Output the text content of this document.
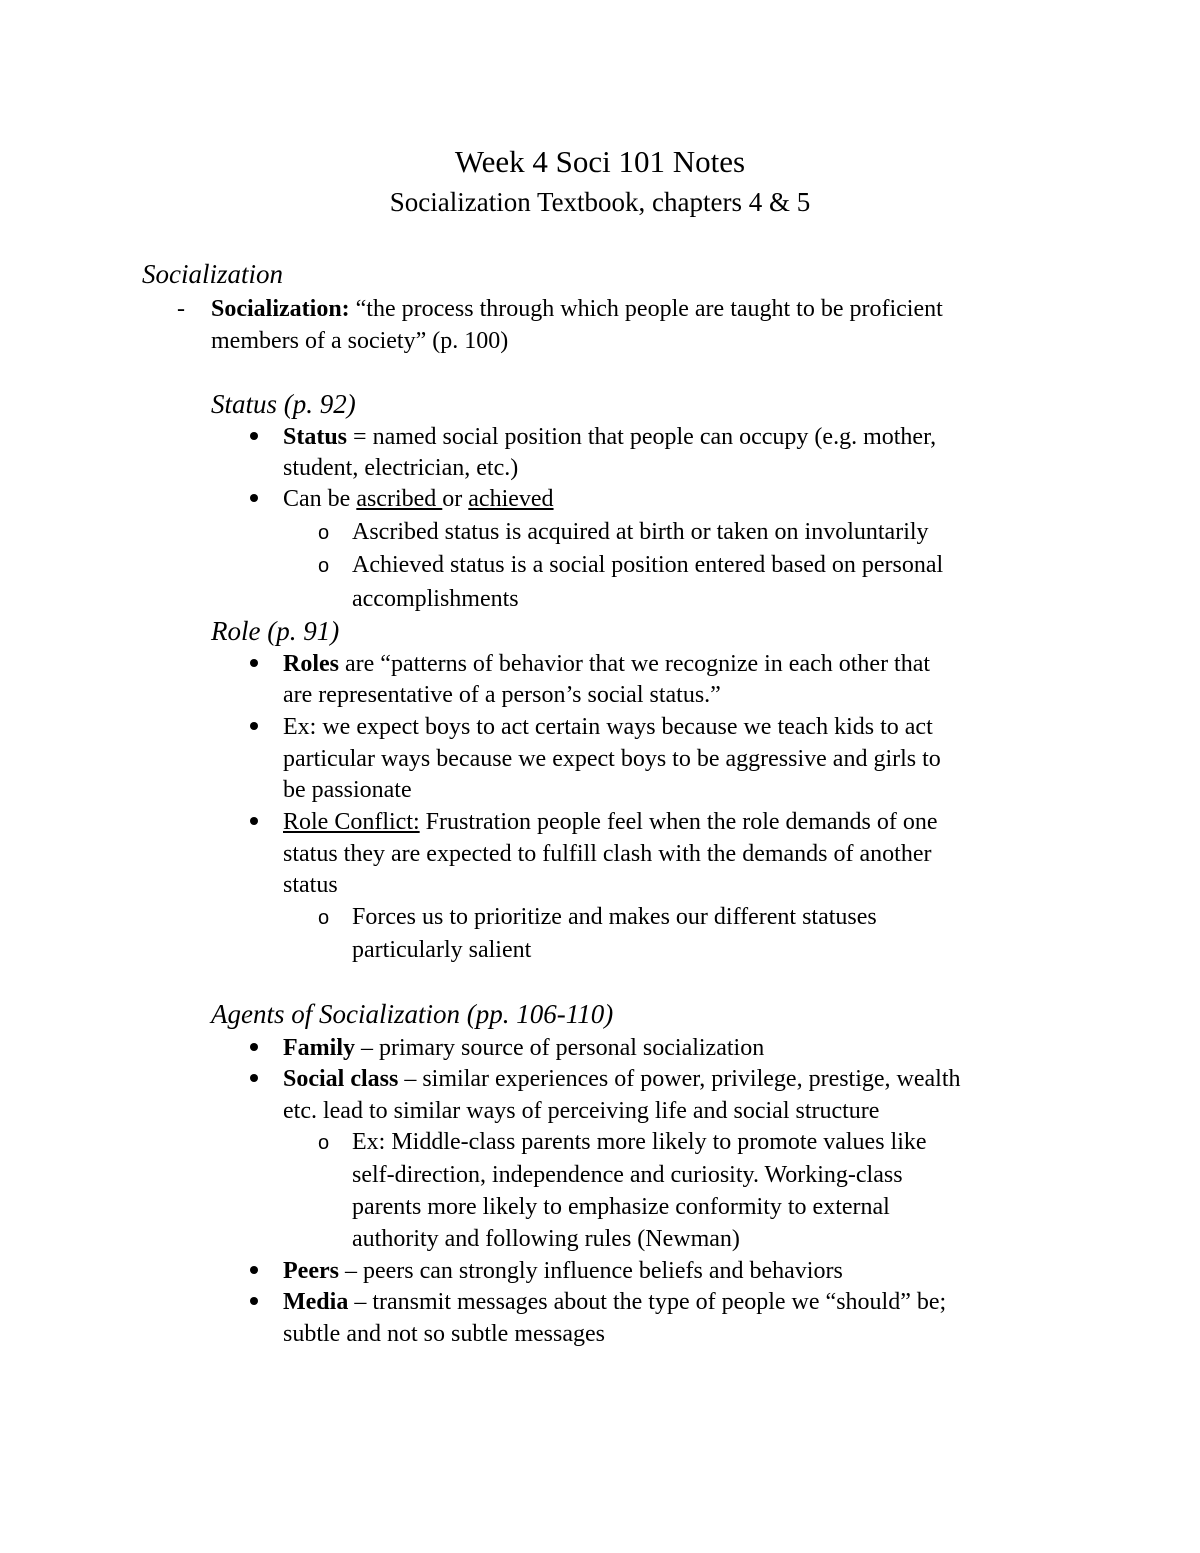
Week 4 Soci 101 Notes
Socialization Textbook, chapters 4 & 5
Socialization
- Socialization: “the process through which people are taught to be proficient
members of a society” (p. 100)
Status (p. 92)
Status = named social position that people can occupy (e.g. mother,
student, electrician, etc.)
Can be ascribed or achieved
o Ascribed status is acquired at birth or taken on involuntarily
o Achieved status is a social position entered based on personal
accomplishments
Role (p. 91)
Roles are “patterns of behavior that we recognize in each other that
are representative of a person’s social status.”
Ex: we expect boys to act certain ways because we teach kids to act
particular ways because we expect boys to be aggressive and girls to
be passionate
Role Conflict: Frustration people feel when the role demands of one
status they are expected to fulfill clash with the demands of another
status
o Forces us to prioritize and makes our different statuses
particularly salient
Agents of Socialization (pp. 106-110)
Family – primary source of personal socialization
Social class – similar experiences of power, privilege, prestige, wealth
etc. lead to similar ways of perceiving life and social structure
o Ex: Middle-class parents more likely to promote values like
self-direction, independence and curiosity. Working-class
parents more likely to emphasize conformity to external
authority and following rules (Newman)
Peers – peers can strongly influence beliefs and behaviors
Media – transmit messages about the type of people we “should” be;
subtle and not so subtle messages
